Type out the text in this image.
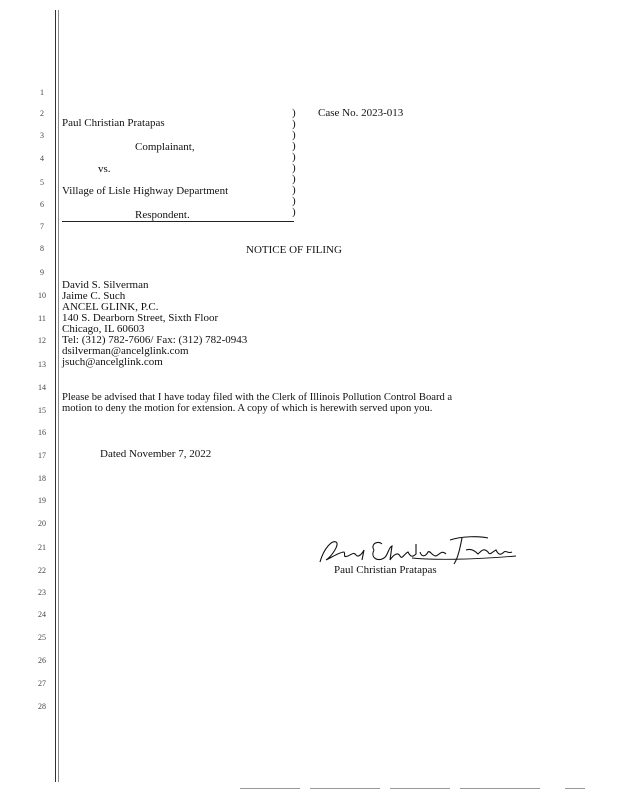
1
2
3
4
5
6
7
8
9
10
11
12
13
14
15
16
17
18
19
20
21
22
23
24
25
26
27
28
Paul Christian Pratapas
Complainant,
vs.
Village of Lisle Highway Department
Respondent.
)
)
)
)
)
)
)
)
)
)
Case No. 2023-013
NOTICE OF FILING
David S. Silverman
Jaime C. Such
ANCEL GLINK, P.C.
140 S. Dearborn Street, Sixth Floor
Chicago, IL 60603
Tel: (312) 782-7606/ Fax: (312) 782-0943
dsilverman@ancelglink.com
jsuch@ancelglink.com
Please be advised that I have today filed with the Clerk of Illinois Pollution Control Board a
motion to deny the motion for extension. A copy of which is herewith served upon you.
Dated November 7, 2022
Paul Christian Pratapas
